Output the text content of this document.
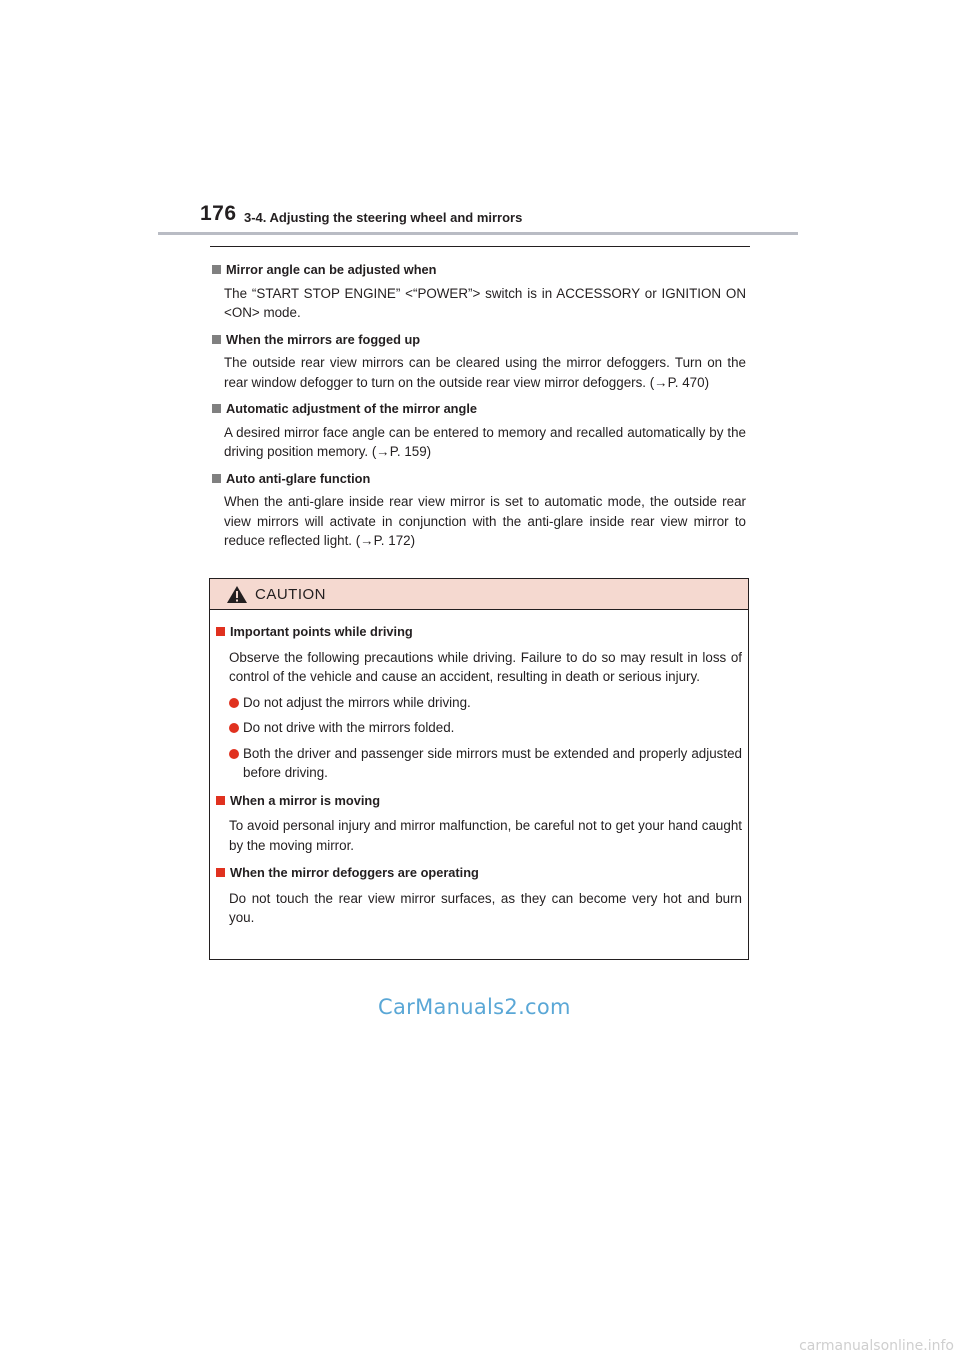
176 3-4. Adjusting the steering wheel and mirrors
Mirror angle can be adjusted when
The “START STOP ENGINE” <“POWER”> switch is in ACCESSORY or IGNITION ON <ON> mode.
When the mirrors are fogged up
The outside rear view mirrors can be cleared using the mirror defoggers. Turn on the rear window defogger to turn on the outside rear view mirror defoggers. (→P. 470)
Automatic adjustment of the mirror angle
A desired mirror face angle can be entered to memory and recalled automatically by the driving position memory. (→P. 159)
Auto anti-glare function
When the anti-glare inside rear view mirror is set to automatic mode, the outside rear view mirrors will activate in conjunction with the anti-glare inside rear view mirror to reduce reflected light. (→P. 172)
CAUTION
Important points while driving
Observe the following precautions while driving. Failure to do so may result in loss of control of the vehicle and cause an accident, resulting in death or serious injury.
Do not adjust the mirrors while driving.
Do not drive with the mirrors folded.
Both the driver and passenger side mirrors must be extended and properly adjusted before driving.
When a mirror is moving
To avoid personal injury and mirror malfunction, be careful not to get your hand caught by the moving mirror.
When the mirror defoggers are operating
Do not touch the rear view mirror surfaces, as they can become very hot and burn you.
CarManuals2.com
carmanualsonline.info
